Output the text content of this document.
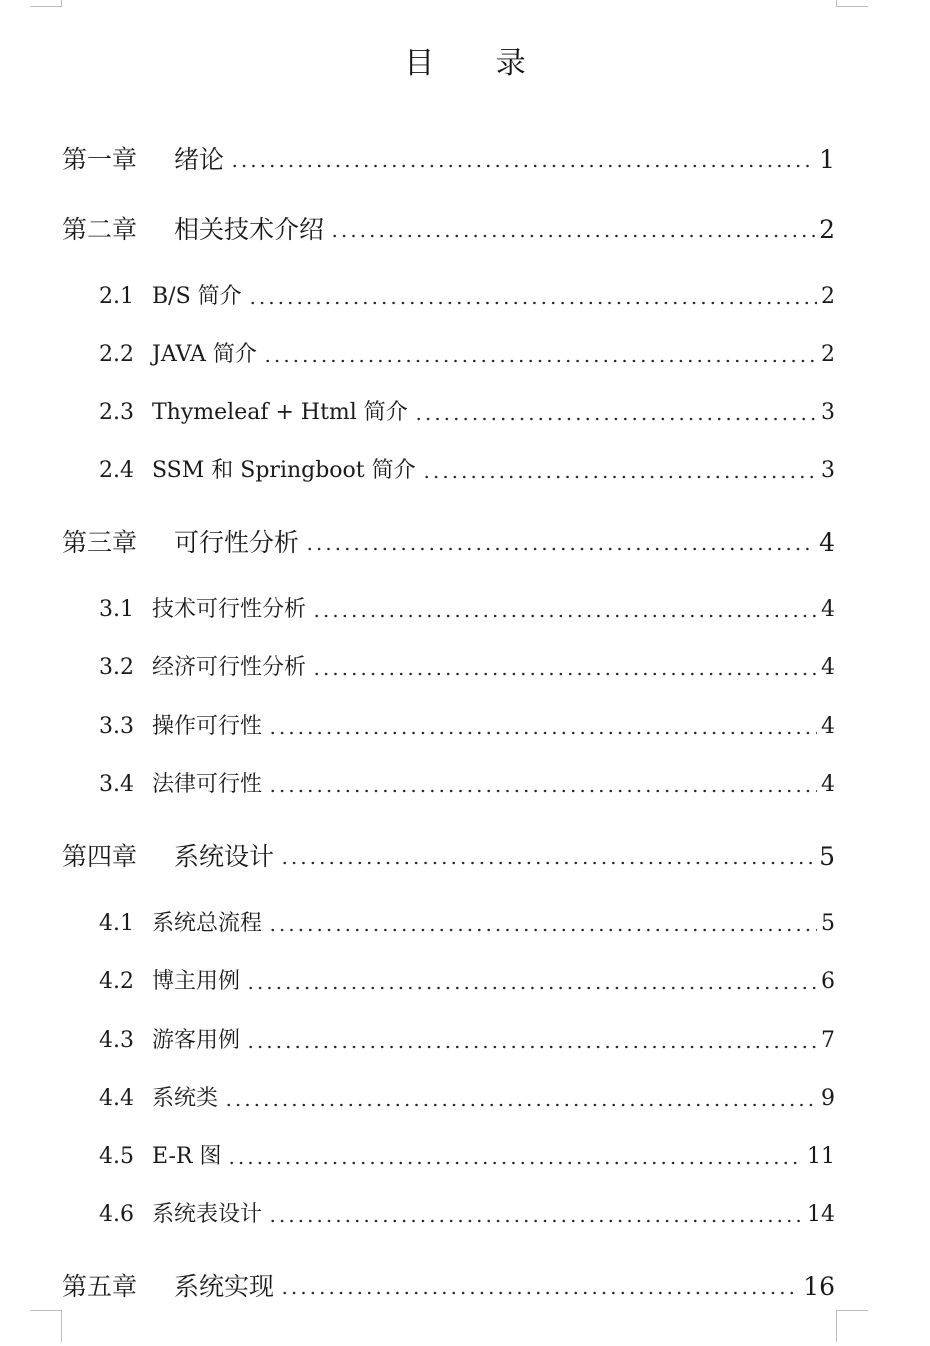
目 录
第一章	绪论	1
第二章	相关技术介绍	2
2.1 B/S 简介	2
2.2 JAVA 简介	2
2.3 Thymeleaf + Html 简介	3
2.4 SSM 和 Springboot 简介	3
第三章	可行性分析	4
3.1 技术可行性分析	4
3.2 经济可行性分析	4
3.3 操作可行性	4
3.4 法律可行性	4
第四章	系统设计	5
4.1 系统总流程	5
4.2 博主用例	6
4.3 游客用例	7
4.4 系统类	9
4.5 E-R 图	11
4.6 系统表设计	14
第五章	系统实现	16
